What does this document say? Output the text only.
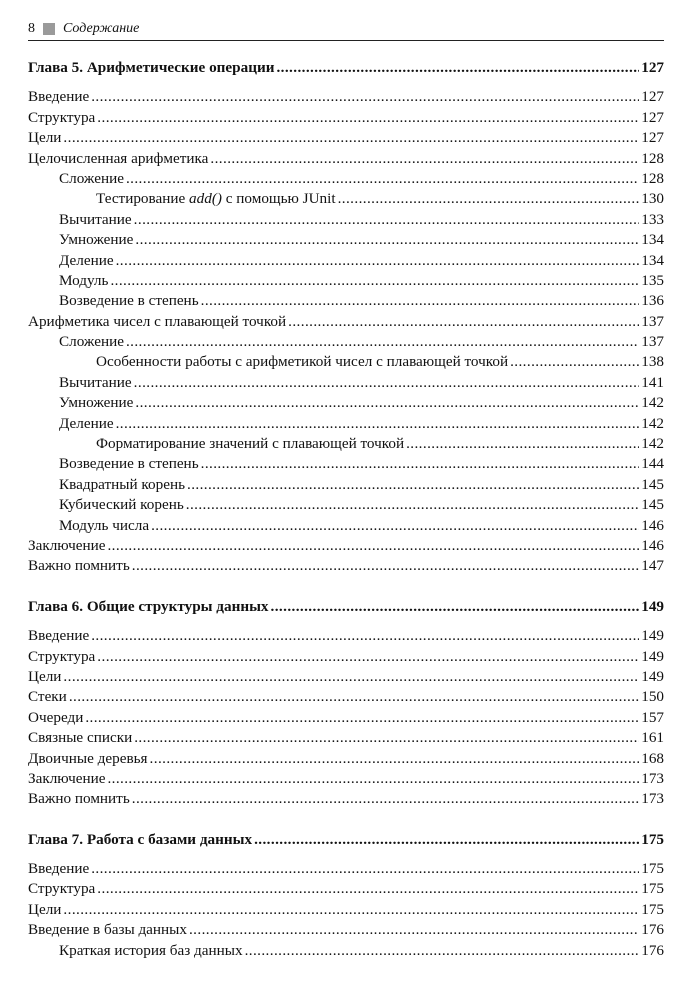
8 Содержание
Глава 5. Арифметические операции .....	127
Введение .....	127
Структура .....	127
Цели .....	127
Целочисленная арифметика .....	128
Сложение .....	128
Тестирование add() с помощью JUnit .....	130
Вычитание .....	133
Умножение .....	134
Деление .....	134
Модуль .....	135
Возведение в степень .....	136
Арифметика чисел с плавающей точкой .....	137
Сложение .....	137
Особенности работы с арифметикой чисел с плавающей точкой .....	138
Вычитание .....	141
Умножение .....	142
Деление .....	142
Форматирование значений с плавающей точкой .....	142
Возведение в степень .....	144
Квадратный корень .....	145
Кубический корень .....	145
Модуль числа .....	146
Заключение .....	146
Важно помнить .....	147
Глава 6. Общие структуры данных .....	149
Введение .....	149
Структура .....	149
Цели .....	149
Стеки .....	150
Очереди .....	157
Связные списки .....	161
Двоичные деревья .....	168
Заключение .....	173
Важно помнить .....	173
Глава 7. Работа с базами данных .....	175
Введение .....	175
Структура .....	175
Цели .....	175
Введение в базы данных .....	176
Краткая история баз данных .....	176
